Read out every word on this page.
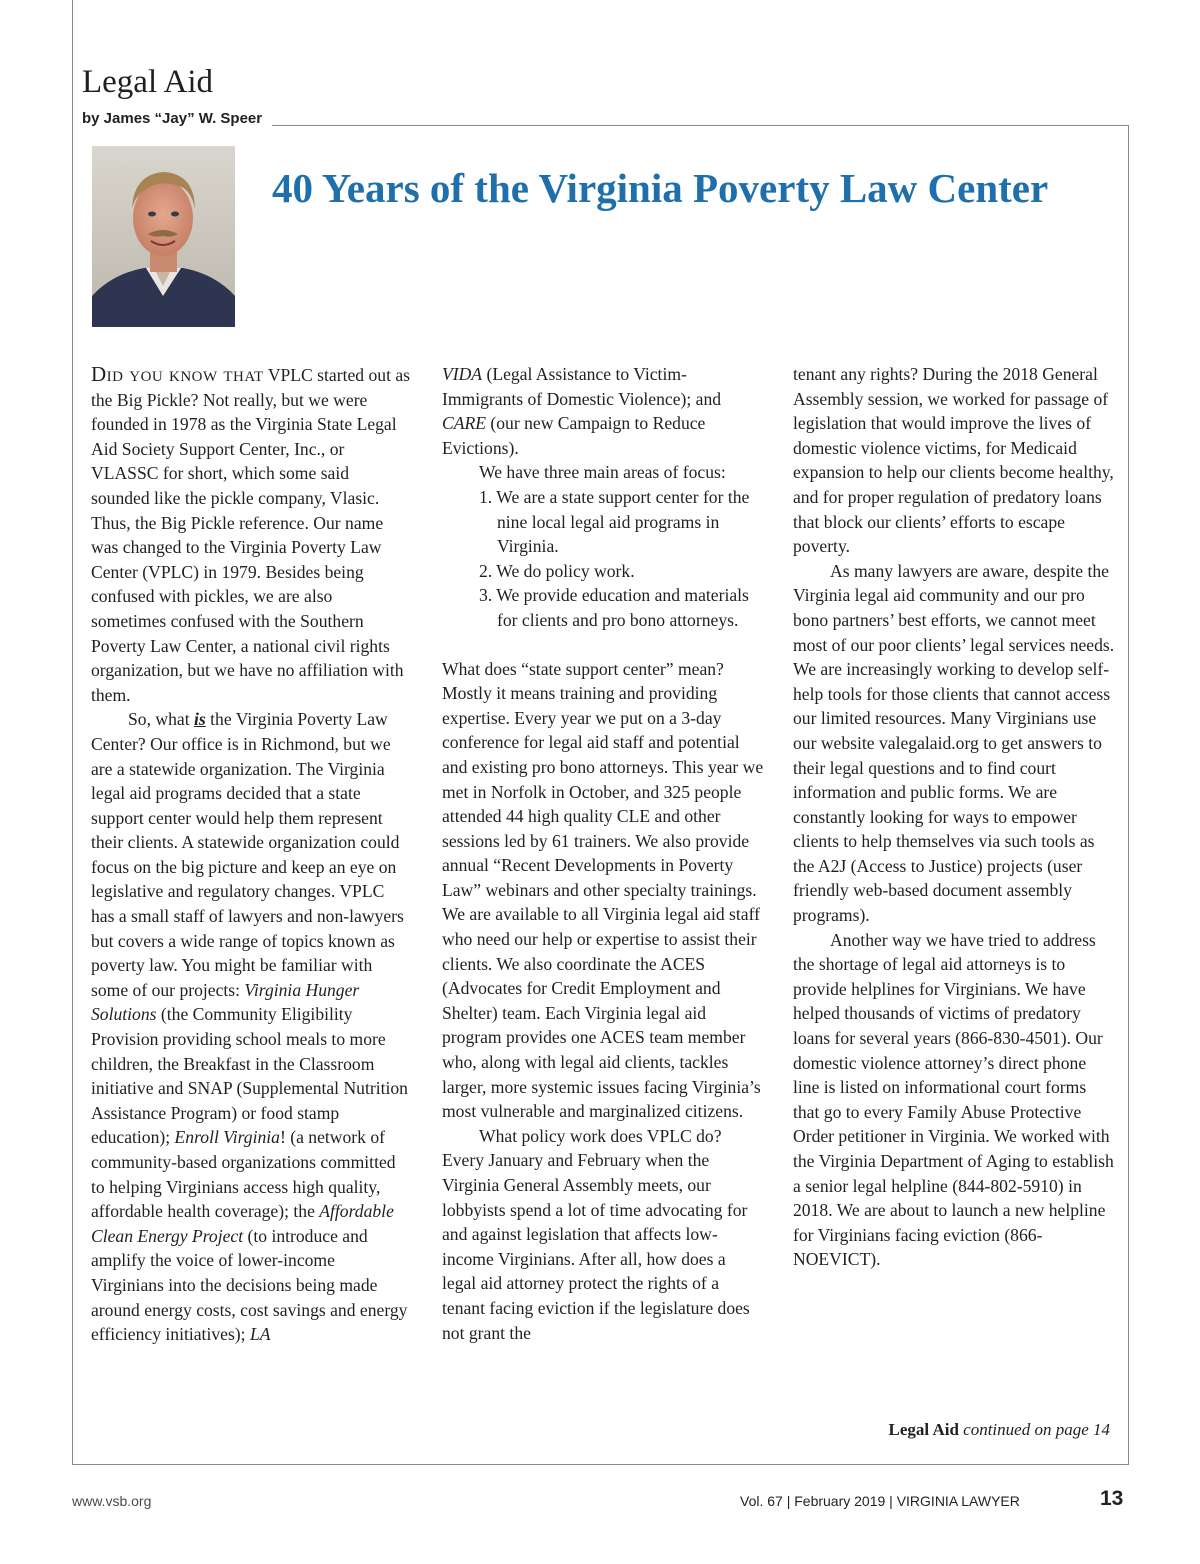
Legal Aid
by James “Jay” W. Speer
40 Years of the Virginia Poverty Law Center

Did you know that VPLC started out as the Big Pickle? Not really, but we were founded in 1978 as the Virginia State Legal Aid Society Support Center, Inc., or VLASSC for short, which some said sounded like the pickle company, Vlasic. Thus, the Big Pickle reference. Our name was changed to the Virginia Poverty Law Center (VPLC) in 1979. Besides being confused with pickles, we are also sometimes confused with the Southern Poverty Law Center, a national civil rights organization, but we have no affiliation with them.

So, what is the Virginia Poverty Law Center? Our office is in Richmond, but we are a statewide organization. The Virginia legal aid programs decided that a state support center would help them represent their clients. A statewide organization could focus on the big picture and keep an eye on legislative and regulatory changes. VPLC has a small staff of lawyers and non-lawyers but covers a wide range of topics known as poverty law. You might be familiar with some of our projects: Virginia Hunger Solutions (the Community Eligibility Provision providing school meals to more children, the Breakfast in the Classroom initiative and SNAP (Supplemental Nutrition Assistance Program) or food stamp education); Enroll Virginia! (a network of community-based organizations committed to helping Virginians access high quality, affordable health coverage); the Affordable Clean Energy Project (to introduce and amplify the voice of lower-income Virginians into the decisions being made around energy costs, cost savings and energy efficiency initiatives); LA

VIDA (Legal Assistance to Victim-Immigrants of Domestic Violence); and CARE (our new Campaign to Reduce Evictions).

We have three main areas of focus:

1. We are a state support center for the nine local legal aid programs in Virginia.
2. We do policy work.
3. We provide education and materials for clients and pro bono attorneys.

What does “state support center” mean? Mostly it means training and providing expertise. Every year we put on a 3-day conference for legal aid staff and potential and existing pro bono attorneys. This year we met in Norfolk in October, and 325 people attended 44 high quality CLE and other sessions led by 61 trainers. We also provide annual “Recent Developments in Poverty Law” webinars and other specialty trainings. We are available to all Virginia legal aid staff who need our help or expertise to assist their clients. We also coordinate the ACES (Advocates for Credit Employment and Shelter) team. Each Virginia legal aid program provides one ACES team member who, along with legal aid clients, tackles larger, more systemic issues facing Virginia’s most vulnerable and marginalized citizens.

What policy work does VPLC do? Every January and February when the Virginia General Assembly meets, our lobbyists spend a lot of time advocating for and against legislation that affects low-income Virginians. After all, how does a legal aid attorney protect the rights of a tenant facing eviction if the legislature does not grant the

tenant any rights? During the 2018 General Assembly session, we worked for passage of legislation that would improve the lives of domestic violence victims, for Medicaid expansion to help our clients become healthy, and for proper regulation of predatory loans that block our clients’ efforts to escape poverty.

As many lawyers are aware, despite the Virginia legal aid community and our pro bono partners’ best efforts, we cannot meet most of our poor clients’ legal services needs. We are increasingly working to develop self-help tools for those clients that cannot access our limited resources. Many Virginians use our website valegalaid.org to get answers to their legal questions and to find court information and public forms. We are constantly looking for ways to empower clients to help themselves via such tools as the A2J (Access to Justice) projects (user friendly web-based document assembly programs).

Another way we have tried to address the shortage of legal aid attorneys is to provide helplines for Virginians. We have helped thousands of victims of predatory loans for several years (866-830-4501). Our domestic violence attorney’s direct phone line is listed on informational court forms that go to every Family Abuse Protective Order petitioner in Virginia. We worked with the Virginia Department of Aging to establish a senior legal helpline (844-802-5910) in 2018. We are about to launch a new helpline for Virginians facing eviction (866-NOEVICT).

Legal Aid continued on page 14
www.vsb.org	Vol. 67 | February 2019 | VIRGINIA LAWYER	13
